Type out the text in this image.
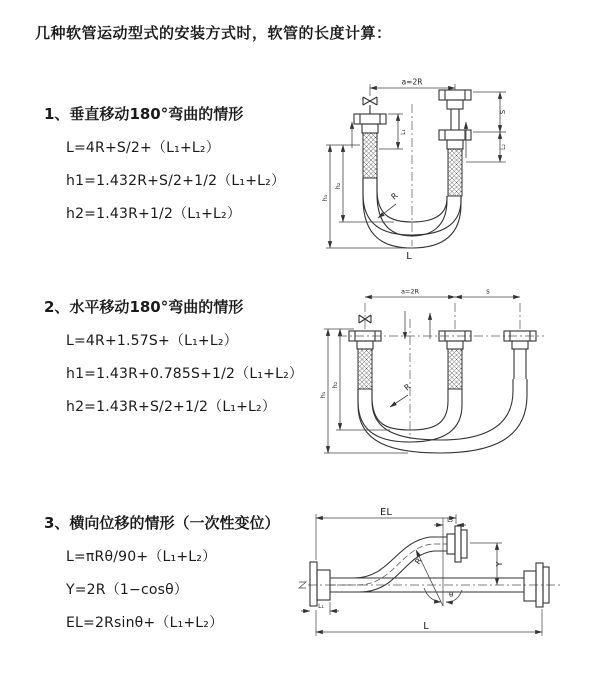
几种软管运动型式的安装方式时，软管的长度计算：
1、垂直移动180°弯曲的情形
L=4R+S/2+（L₁+L₂）
h1=1.432R+S/2+1/2（L₁+L₂）
h2=1.43R+1/2（L₁+L₂）
2、水平移动180°弯曲的情形
L=4R+1.57S+（L₁+L₂）
h1=1.43R+0.785S+1/2（L₁+L₂）
h2=1.43R+S/2+1/2（L₁+L₂）
3、横向位移的情形（一次性变位）
L=πRθ/90+（L₁+L₂）
Y=2R（1−cosθ）
EL=2Rsinθ+（L₁+L₂）
a=2R
h₁
h₂
L₁
S
L₂
R
L
a=2R	s
h₁
h₂	R
EL
L₂
Y
L
L₁
R
θ
